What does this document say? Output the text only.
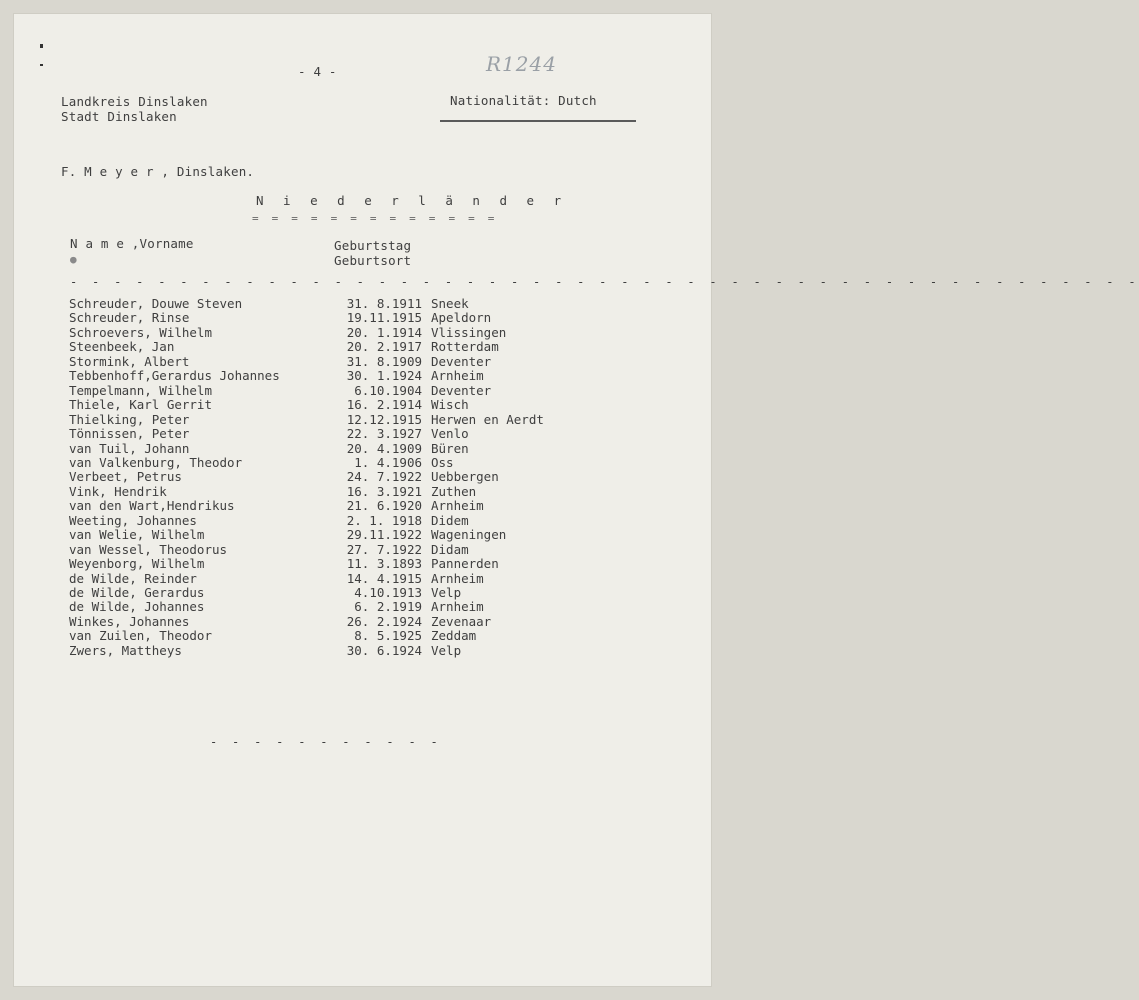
- 4 -	R1244
Landkreis Dinslaken
Stadt Dinslaken
Nationalität: Dutch
F. M e y e r , Dinslaken.
N i e d e r l ä n d e r
= = = = = = = = = = = = =
N a m e ,Vorname
●
Geburtstag
Geburtsort
- - - - - - - - - - - - - - - - - - - - - - - - - - - - - - - - - - - - - - - - - - - - - - - - -
Schreuder, Douwe Steven	31. 8.1911 Sneek
Schreuder, Rinse	19.11.1915 Apeldorn
Schroevers, Wilhelm	20. 1.1914 Vlissingen
Steenbeek, Jan	20. 2.1917 Rotterdam
Stormink, Albert	31. 8.1909 Deventer
Tebbenhoff,Gerardus Johannes	30. 1.1924 Arnheim
Tempelmann, Wilhelm	6.10.1904 Deventer
Thiele, Karl Gerrit	16. 2.1914 Wisch
Thielking, Peter	12.12.1915 Herwen en Aerdt
Tönnissen, Peter	22. 3.1927 Venlo
van Tuil, Johann	20. 4.1909 Büren
van Valkenburg, Theodor	1. 4.1906 Oss
Verbeet, Petrus	24. 7.1922 Uebbergen
Vink, Hendrik	16. 3.1921 Zuthen
van den Wart,Hendrikus	21. 6.1920 Arnheim
Weeting, Johannes	2. 1. 1918 Didem
van Welie, Wilhelm	29.11.1922 Wageningen
van Wessel, Theodorus	27. 7.1922 Didam
Weyenborg, Wilhelm	11. 3.1893 Pannerden
de Wilde, Reinder	14. 4.1915 Arnheim
de Wilde, Gerardus	4.10.1913 Velp
de Wilde, Johannes	6. 2.1919 Arnheim
Winkes, Johannes	26. 2.1924 Zevenaar
van Zuilen, Theodor	8. 5.1925 Zeddam
Zwers, Mattheys	30. 6.1924 Velp
- - - - - - - - - - -
